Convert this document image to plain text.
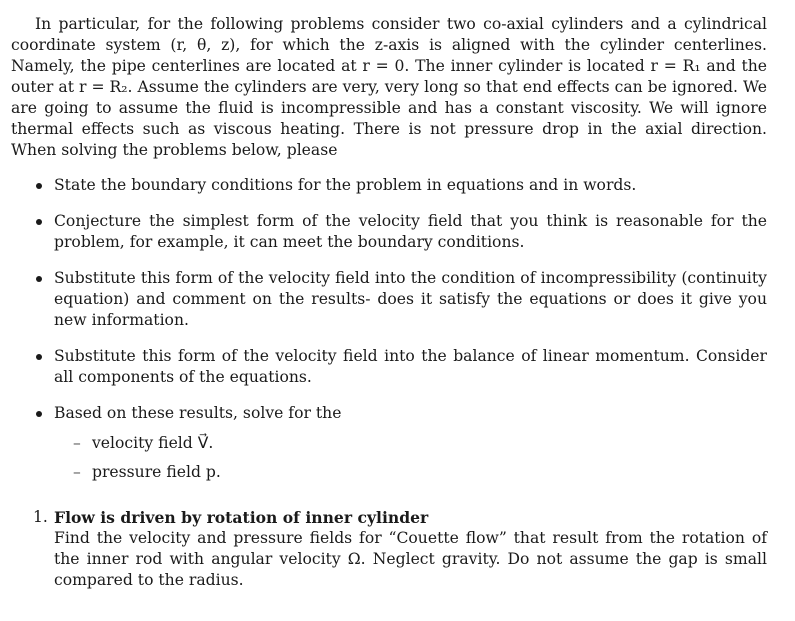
In particular, for the following problems consider two co-axial cylinders and a cylindrical coordinate system (r, θ, z), for which the z-axis is aligned with the cylinder centerlines. Namely, the pipe centerlines are located at r = 0. The inner cylinder is located r = R₁ and the outer at r = R₂. Assume the cylinders are very, very long so that end effects can be ignored. We are going to assume the fluid is incompressible and has a constant viscosity. We will ignore thermal effects such as viscous heating. There is not pressure drop in the axial direction. When solving the problems below, please

State the boundary conditions for the problem in equations and in words.
Conjecture the simplest form of the velocity field that you think is reasonable for the problem, for example, it can meet the boundary conditions.
Substitute this form of the velocity field into the condition of incompressibility (continuity equation) and comment on the results- does it satisfy the equations or does it give you new information.
Substitute this form of the velocity field into the balance of linear momentum. Consider all components of the equations.
Based on these results, solve for the
– velocity field V⃗.
– pressure field p.
1. Flow is driven by rotation of inner cylinder
Find the velocity and pressure fields for “Couette flow” that result from the rotation of the inner rod with angular velocity Ω. Neglect gravity. Do not assume the gap is small compared to the radius.
